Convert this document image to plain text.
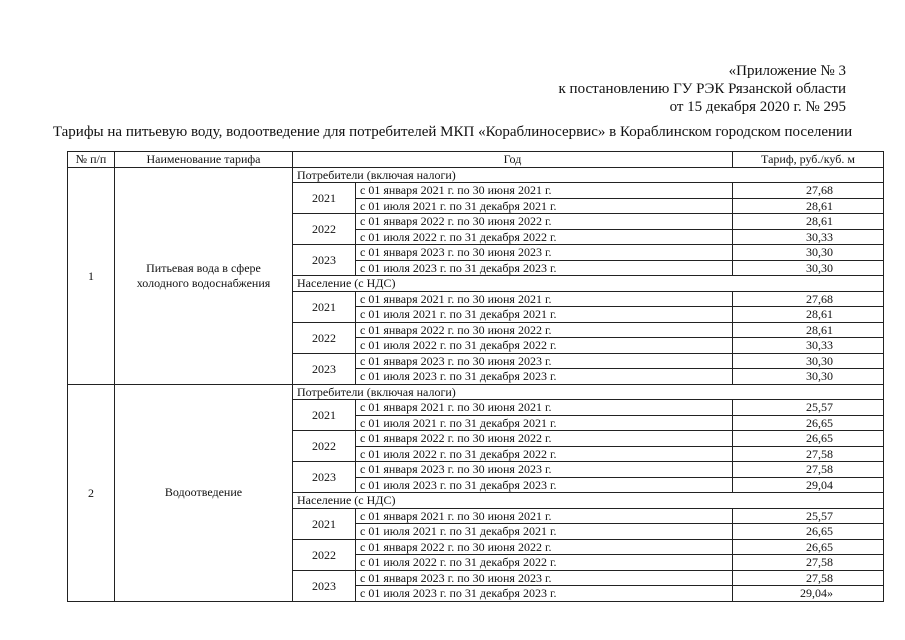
«Приложение № 3
к постановлению ГУ РЭК Рязанской области
от 15 декабря 2020 г. № 295
Тарифы на питьевую воду, водоотведение для потребителей МКП «Кораблиносервис» в Кораблинском городском поселении
№ п/п	Наименование тарифа	Год		Тариф, руб./куб. м
1	Питьевая вода в сфере холодного водоснабжения	Потребители (включая налоги)		
		2021	с 01 января 2021 г. по 30 июня 2021 г.	27,68
			с 01 июля 2021 г. по 31 декабря 2021 г.	28,61
		2022	с 01 января 2022 г. по 30 июня 2022 г.	28,61
			с 01 июля 2022 г. по 31 декабря 2022 г.	30,33
		2023	с 01 января 2023 г. по 30 июня 2023 г.	30,30
			с 01 июля 2023 г. по 31 декабря 2023 г.	30,30
		Население (с НДС)		
		2021	с 01 января 2021 г. по 30 июня 2021 г.	27,68
			с 01 июля 2021 г. по 31 декабря 2021 г.	28,61
		2022	с 01 января 2022 г. по 30 июня 2022 г.	28,61
			с 01 июля 2022 г. по 31 декабря 2022 г.	30,33
		2023	с 01 января 2023 г. по 30 июня 2023 г.	30,30
			с 01 июля 2023 г. по 31 декабря 2023 г.	30,30
2	Водоотведение	Потребители (включая налоги)		
		2021	с 01 января 2021 г. по 30 июня 2021 г.	25,57
			с 01 июля 2021 г. по 31 декабря 2021 г.	26,65
		2022	с 01 января 2022 г. по 30 июня 2022 г.	26,65
			с 01 июля 2022 г. по 31 декабря 2022 г.	27,58
		2023	с 01 января 2023 г. по 30 июня 2023 г.	27,58
			с 01 июля 2023 г. по 31 декабря 2023 г.	29,04
		Население (с НДС)		
		2021	с 01 января 2021 г. по 30 июня 2021 г.	25,57
			с 01 июля 2021 г. по 31 декабря 2021 г.	26,65
		2022	с 01 января 2022 г. по 30 июня 2022 г.	26,65
			с 01 июля 2022 г. по 31 декабря 2022 г.	27,58
		2023	с 01 января 2023 г. по 30 июня 2023 г.	27,58
			с 01 июля 2023 г. по 31 декабря 2023 г.	29,04»
